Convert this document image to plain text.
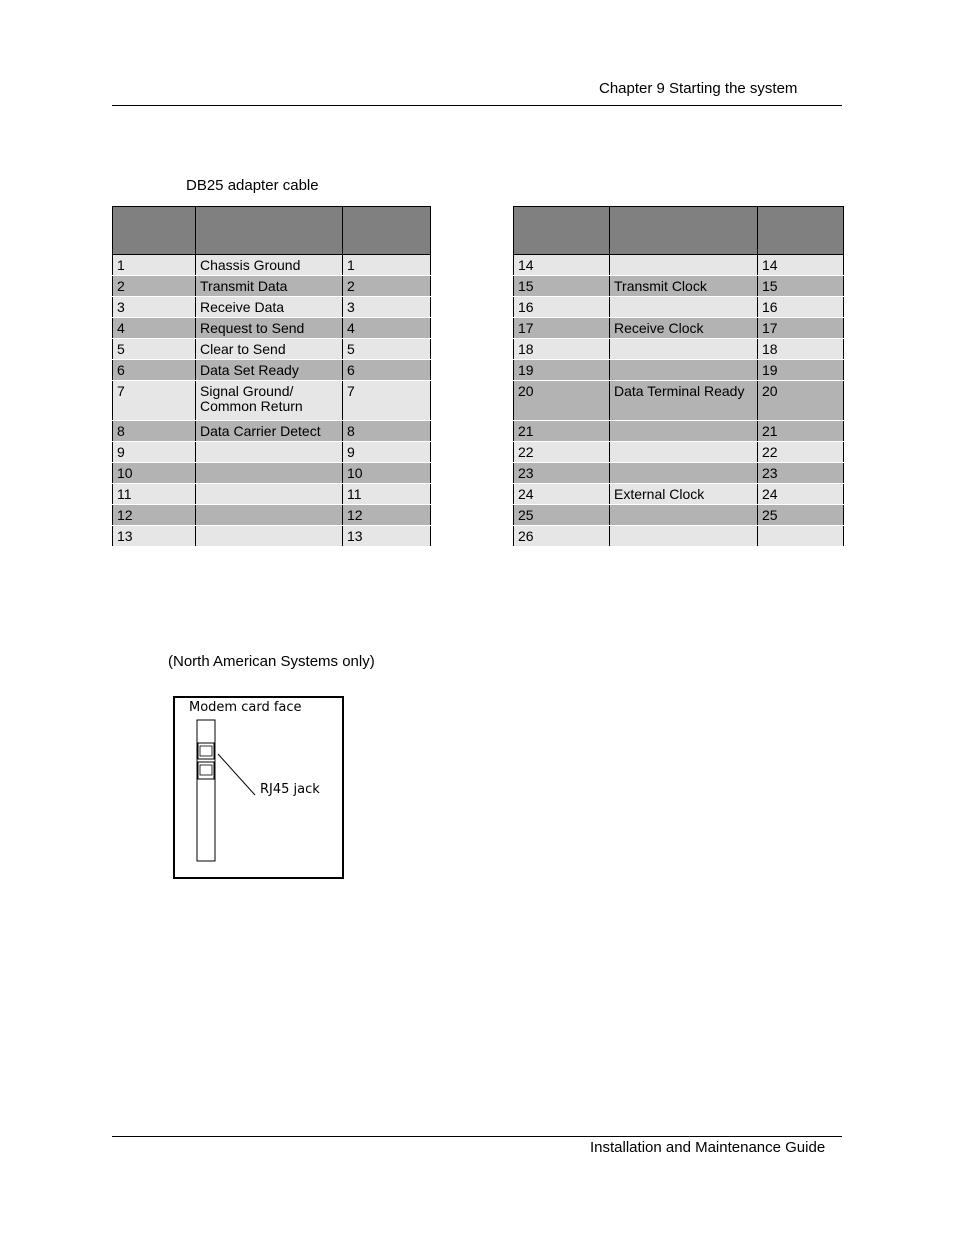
Chapter 9 Starting the system
DB25 adapter cable

1	Chassis Ground	1
2	Transmit Data	2
3	Receive Data	3
4	Request to Send	4
5	Clear to Send	5
6	Data Set Ready	6
7	Signal Ground/
Common Return	7
8	Data Carrier Detect	8
9		9
10		10
11		11
12		12
13		13

14		14
15	Transmit Clock	15
16		16
17	Receive Clock	17
18		18
19		19
20	Data Terminal Ready	20
21		21
22		22
23		23
24	External Clock	24
25		25
26		
(North American Systems only)
Modem card face
RJ45 jack
Installation and Maintenance Guide
